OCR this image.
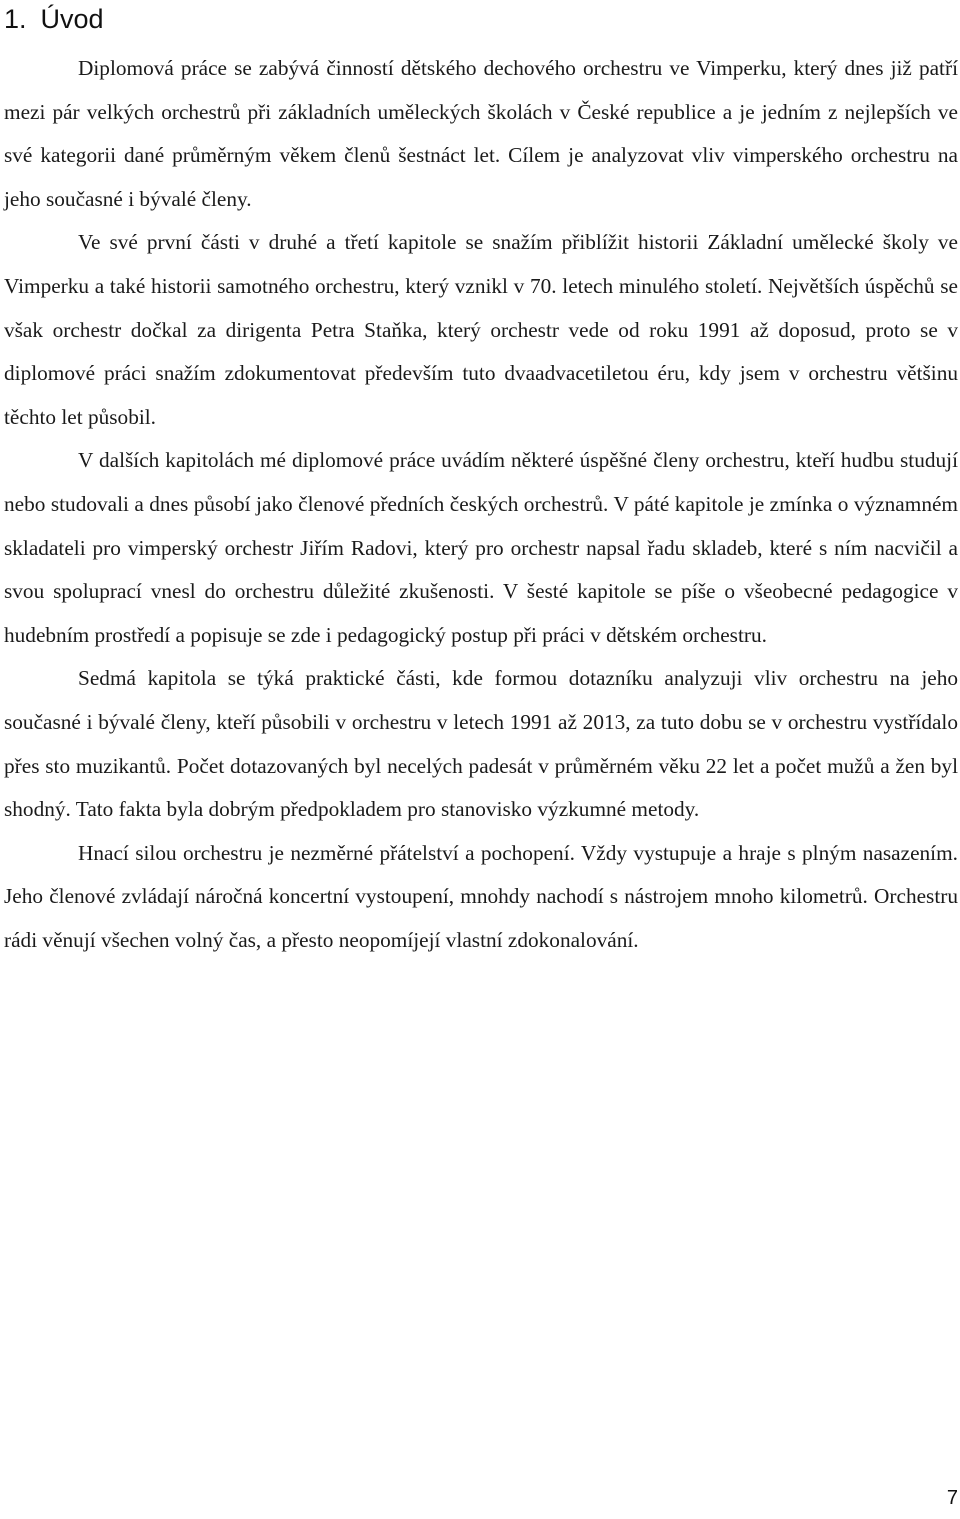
1. Úvod

Diplomová práce se zabývá činností dětského dechového orchestru ve Vimperku, který dnes již patří mezi pár velkých orchestrů při základních uměleckých školách v České republice a je jedním z nejlepších ve své kategorii dané průměrným věkem členů šestnáct let. Cílem je analyzovat vliv vimperského orchestru na jeho současné i bývalé členy.

Ve své první části v druhé a třetí kapitole se snažím přiblížit historii Základní umělecké školy ve Vimperku a také historii samotného orchestru, který vznikl v 70. letech minulého století. Největších úspěchů se však orchestr dočkal za dirigenta Petra Staňka, který orchestr vede od roku 1991 až doposud, proto se v diplomové práci snažím zdokumentovat především tuto dvaadvacetiletou éru, kdy jsem v orchestru většinu těchto let působil.

V dalších kapitolách mé diplomové práce uvádím některé úspěšné členy orchestru, kteří hudbu studují nebo studovali a dnes působí jako členové předních českých orchestrů. V páté kapitole je zmínka o významném skladateli pro vimperský orchestr Jiřím Radovi, který pro orchestr napsal řadu skladeb, které s ním nacvičil a svou spoluprací vnesl do orchestru důležité zkušenosti. V šesté kapitole se píše o všeobecné pedagogice v hudebním prostředí a popisuje se zde i pedagogický postup při práci v dětském orchestru.

Sedmá kapitola se týká praktické části, kde formou dotazníku analyzuji vliv orchestru na jeho současné i bývalé členy, kteří působili v orchestru v letech 1991 až 2013, za tuto dobu se v orchestru vystřídalo přes sto muzikantů. Počet dotazovaných byl necelých padesát v průměrném věku 22 let a počet mužů a žen byl shodný. Tato fakta byla dobrým předpokladem pro stanovisko výzkumné metody.

Hnací silou orchestru je nezměrné přátelství a pochopení. Vždy vystupuje a hraje s plným nasazením. Jeho členové zvládají náročná koncertní vystoupení, mnohdy nachodí s nástrojem mnoho kilometrů. Orchestru rádi věnují všechen volný čas, a přesto neopomíjejí vlastní zdokonalování.

7
